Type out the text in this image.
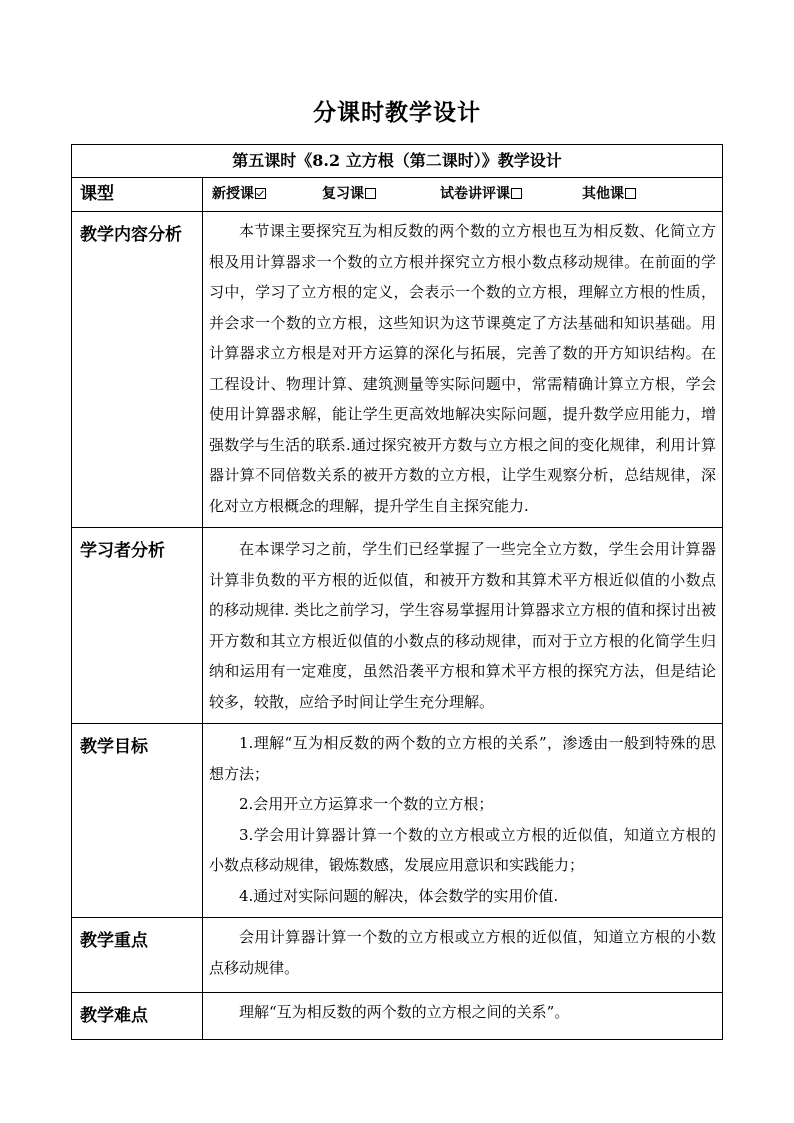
分课时教学设计
第五课时《8.2 立方根（第二课时）》教学设计	
课型	新授课 复习课 试卷讲评课 其他课

教学内容分析	本节课主要探究互为相反数的两个数的立方根也互为相反数、化简立方根及用计算器求一个数的立方根并探究立方根小数点移动规律。在前面的学习中，学习了立方根的定义，会表示一个数的立方根，理解立方根的性质，并会求一个数的立方根，这些知识为这节课奠定了方法基础和知识基础。用计算器求立方根是对开方运算的深化与拓展，完善了数的开方知识结构。在工程设计、物理计算、建筑测量等实际问题中，常需精确计算立方根，学会使用计算器求解，能让学生更高效地解决实际问题，提升数学应用能力，增强数学与生活的联系.通过探究被开方数与立方根之间的变化规律，利用计算器计算不同倍数关系的被开方数的立方根，让学生观察分析，总结规律，深化对立方根概念的理解，提升学生自主探究能力.

学习者分析	在本课学习之前，学生们已经掌握了一些完全立方数，学生会用计算器计算非负数的平方根的近似值，和被开方数和其算术平方根近似值的小数点的移动规律. 类比之前学习，学生容易掌握用计算器求立方根的值和探讨出被开方数和其立方根近似值的小数点的移动规律，而对于立方根的化简学生归纳和运用有一定难度，虽然沿袭平方根和算术平方根的探究方法，但是结论较多，较散，应给予时间让学生充分理解。

教学目标	1.理解“互为相反数的两个数的立方根的关系”，渗透由一般到特殊的思想方法；

2.会用开立方运算求一个数的立方根；

3.学会用计算器计算一个数的立方根或立方根的近似值，知道立方根的小数点移动规律，锻炼数感，发展应用意识和实践能力；

4.通过对实际问题的解决，体会数学的实用价值.

教学重点	会用计算器计算一个数的立方根或立方根的近似值，知道立方根的小数点移动规律。

教学难点	理解“互为相反数的两个数的立方根之间的关系”。
